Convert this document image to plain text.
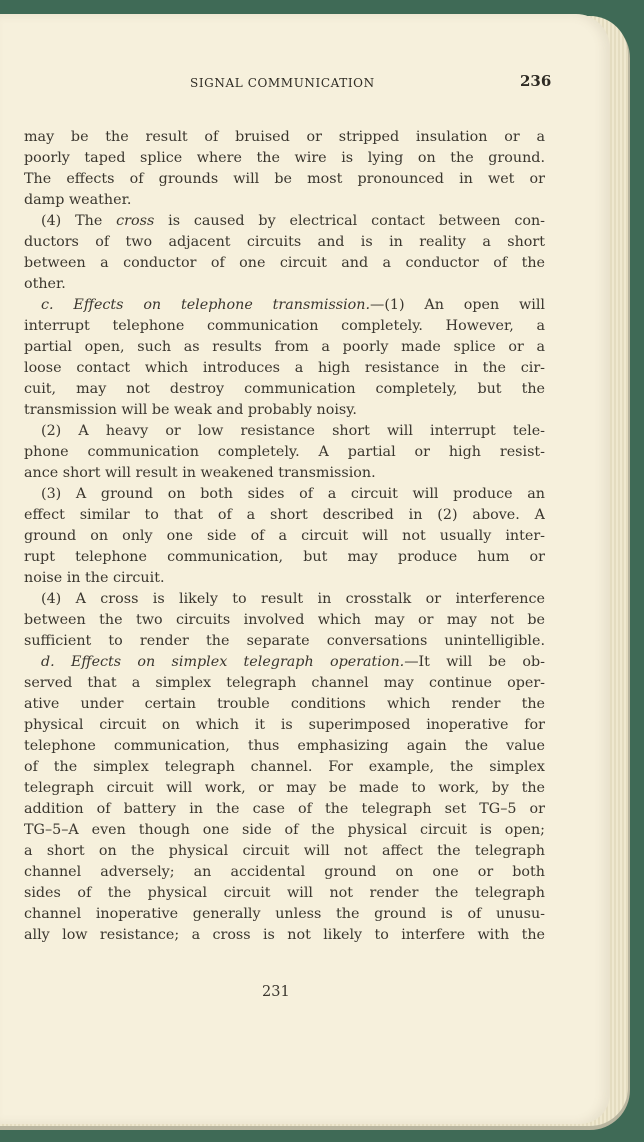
SIGNAL COMMUNICATION	236
may be the result of bruised or stripped insulation or a
poorly taped splice where the wire is lying on the ground.
The effects of grounds will be most pronounced in wet or
damp weather.
(4) The cross is caused by electrical contact between con-
ductors of two adjacent circuits and is in reality a short
between a conductor of one circuit and a conductor of the
other.
c. Effects on telephone transmission.—(1) An open will
interrupt telephone communication completely. However, a
partial open, such as results from a poorly made splice or a
loose contact which introduces a high resistance in the cir-
cuit, may not destroy communication completely, but the
transmission will be weak and probably noisy.
(2) A heavy or low resistance short will interrupt tele-
phone communication completely. A partial or high resist-
ance short will result in weakened transmission.
(3) A ground on both sides of a circuit will produce an
effect similar to that of a short described in (2) above. A
ground on only one side of a circuit will not usually inter-
rupt telephone communication, but may produce hum or
noise in the circuit.
(4) A cross is likely to result in crosstalk or interference
between the two circuits involved which may or may not be
sufficient to render the separate conversations unintelligible.
d. Effects on simplex telegraph operation.—It will be ob-
served that a simplex telegraph channel may continue oper-
ative under certain trouble conditions which render the
physical circuit on which it is superimposed inoperative for
telephone communication, thus emphasizing again the value
of the simplex telegraph channel. For example, the simplex
telegraph circuit will work, or may be made to work, by the
addition of battery in the case of the telegraph set TG–5 or
TG–5–A even though one side of the physical circuit is open;
a short on the physical circuit will not affect the telegraph
channel adversely; an accidental ground on one or both
sides of the physical circuit will not render the telegraph
channel inoperative generally unless the ground is of unusu-
ally low resistance; a cross is not likely to interfere with the
231
